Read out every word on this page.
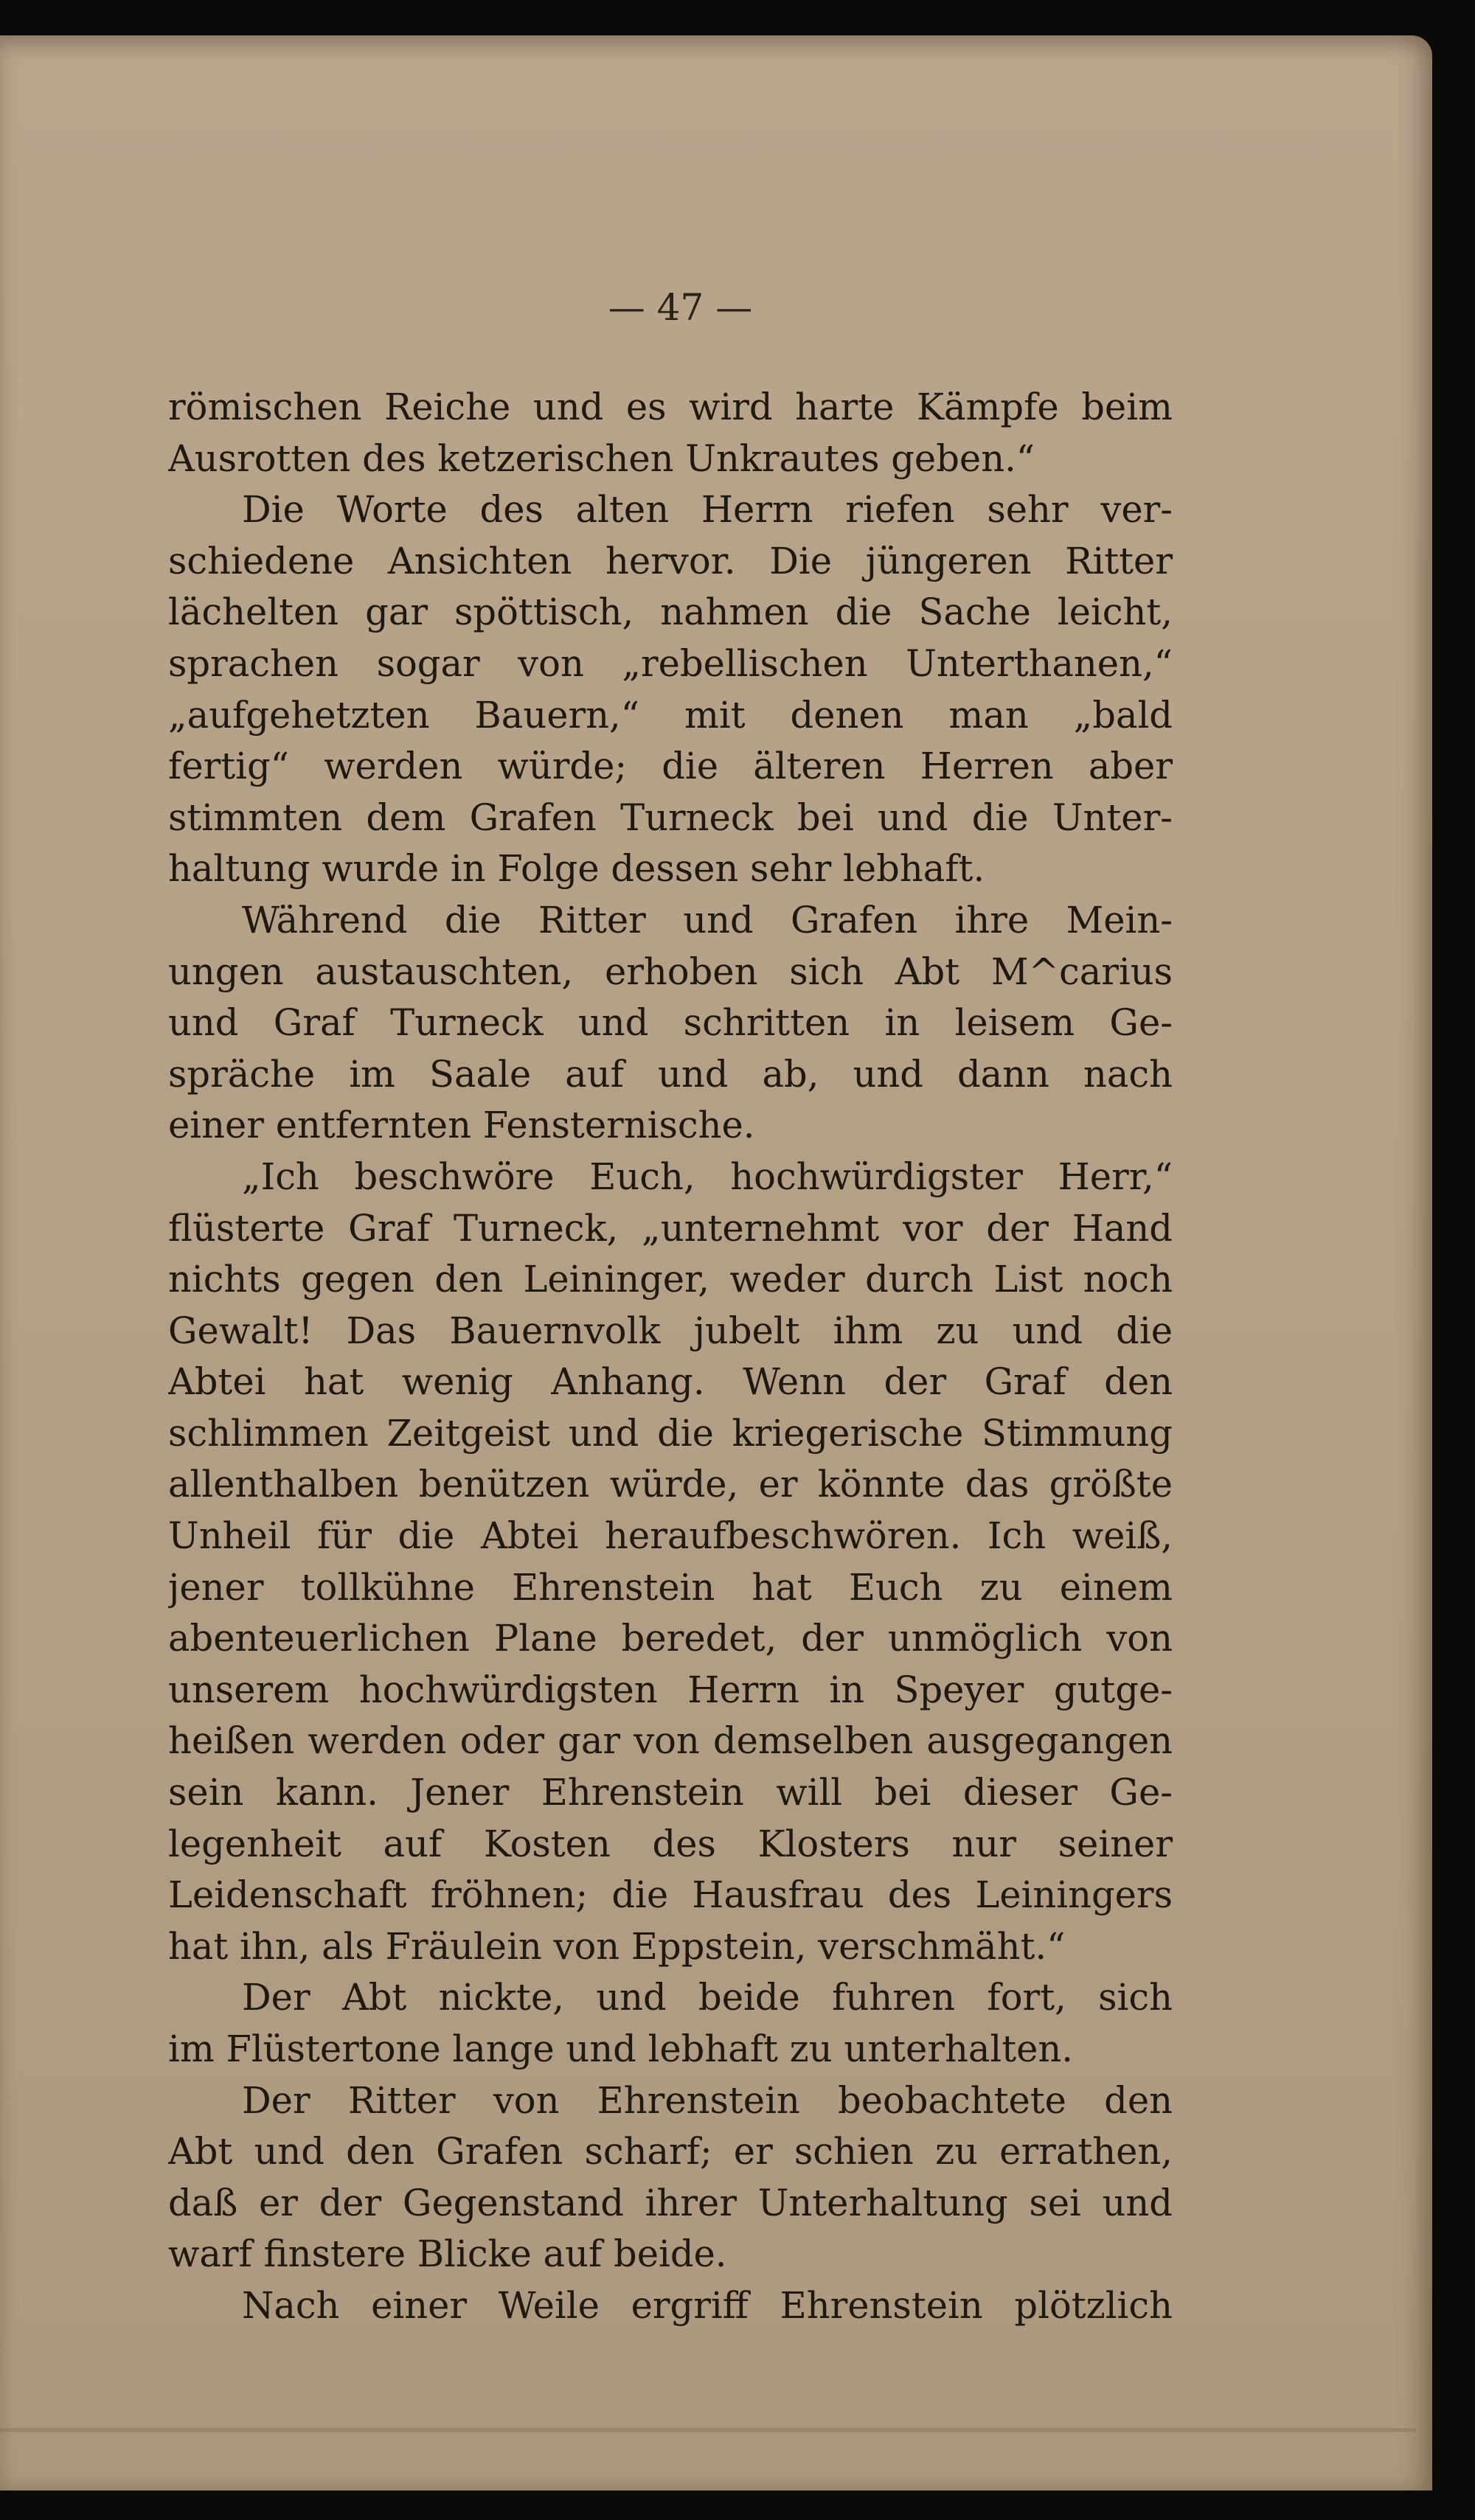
— 47 —
römischen Reiche und es wird harte Kämpfe beim
Ausrotten des ketzerischen Unkrautes geben.“
Die Worte des alten Herrn riefen sehr ver-
schiedene Ansichten hervor. Die jüngeren Ritter
lächelten gar spöttisch, nahmen die Sache leicht,
sprachen sogar von „rebellischen Unterthanen,“
„aufgehetzten Bauern,“ mit denen man „bald
fertig“ werden würde; die älteren Herren aber
stimmten dem Grafen Turneck bei und die Unter-
haltung wurde in Folge dessen sehr lebhaft.
Während die Ritter und Grafen ihre Mein-
ungen austauschten, erhoben sich Abt M^carius
und Graf Turneck und schritten in leisem Ge-
spräche im Saale auf und ab, und dann nach
einer entfernten Fensternische.
„Ich beschwöre Euch, hochwürdigster Herr,“
flüsterte Graf Turneck, „unternehmt vor der Hand
nichts gegen den Leininger, weder durch List noch
Gewalt! Das Bauernvolk jubelt ihm zu und die
Abtei hat wenig Anhang. Wenn der Graf den
schlimmen Zeitgeist und die kriegerische Stimmung
allenthalben benützen würde, er könnte das größte
Unheil für die Abtei heraufbeschwören. Ich weiß,
jener tollkühne Ehrenstein hat Euch zu einem
abenteuerlichen Plane beredet, der unmöglich von
unserem hochwürdigsten Herrn in Speyer gutge-
heißen werden oder gar von demselben ausgegangen
sein kann. Jener Ehrenstein will bei dieser Ge-
legenheit auf Kosten des Klosters nur seiner
Leidenschaft fröhnen; die Hausfrau des Leiningers
hat ihn, als Fräulein von Eppstein, verschmäht.“
Der Abt nickte, und beide fuhren fort, sich
im Flüstertone lange und lebhaft zu unterhalten.
Der Ritter von Ehrenstein beobachtete den
Abt und den Grafen scharf; er schien zu errathen,
daß er der Gegenstand ihrer Unterhaltung sei und
warf finstere Blicke auf beide.
Nach einer Weile ergriff Ehrenstein plötzlich
